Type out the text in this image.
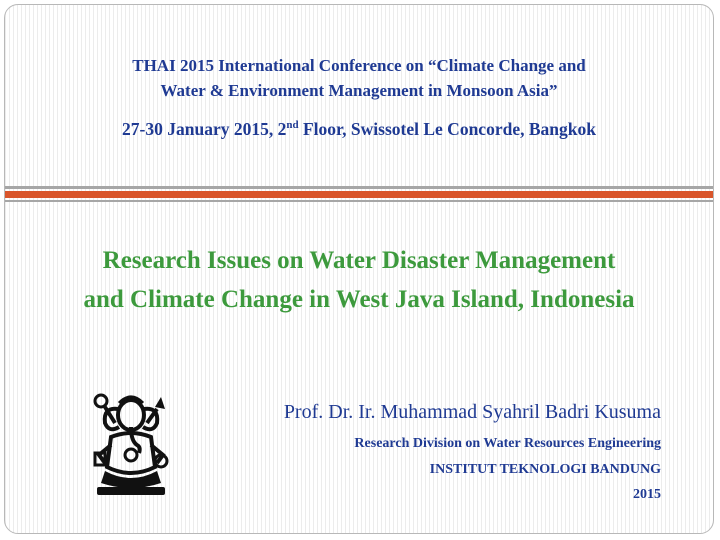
THAI 2015 International Conference on “Climate Change and
Water & Environment Management in Monsoon Asia”
27-30 January 2015, 2nd Floor, Swissotel Le Concorde, Bangkok
Research Issues on Water Disaster Management
and Climate Change in West Java Island, Indonesia
Prof. Dr. Ir. Muhammad Syahril Badri Kusuma
Research Division on Water Resources Engineering
INSTITUT TEKNOLOGI BANDUNG
2015
